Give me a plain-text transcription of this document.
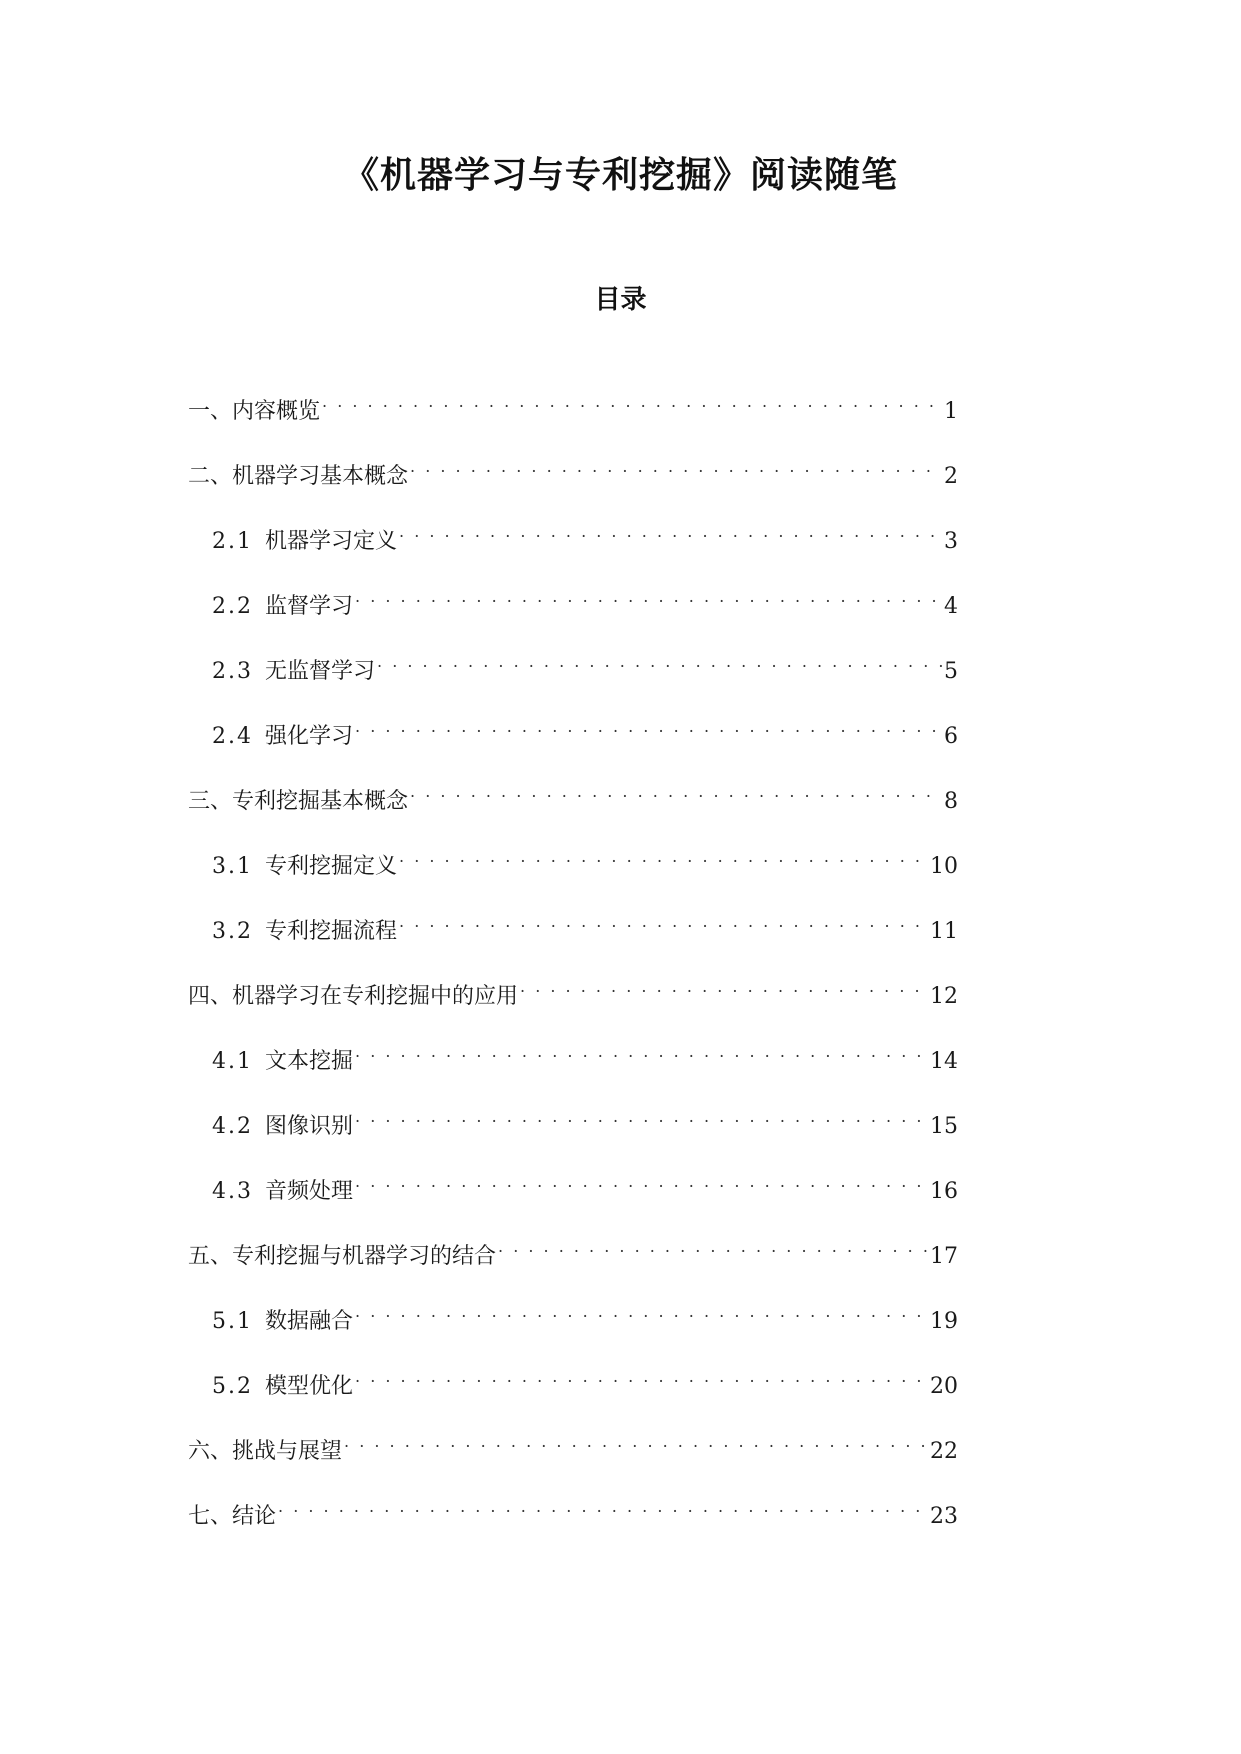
《机器学习与专利挖掘》阅读随笔
目录
一、内容概览 . . .	1
二、机器学习基本概念 . . .	2
2.1 机器学习定义 . . .	3
2.2 监督学习 . . .	4
2.3 无监督学习 . . .	5
2.4 强化学习 . . .	6
三、专利挖掘基本概念 . . .	8
3.1 专利挖掘定义 . . .	10
3.2 专利挖掘流程 . . .	11
四、机器学习在专利挖掘中的应用 . . .	12
4.1 文本挖掘 . . .	14
4.2 图像识别 . . .	15
4.3 音频处理 . . .	16
五、专利挖掘与机器学习的结合 . . .	17
5.1 数据融合 . . .	19
5.2 模型优化 . . .	20
六、挑战与展望 . . .	22
七、结论 . . .	23
